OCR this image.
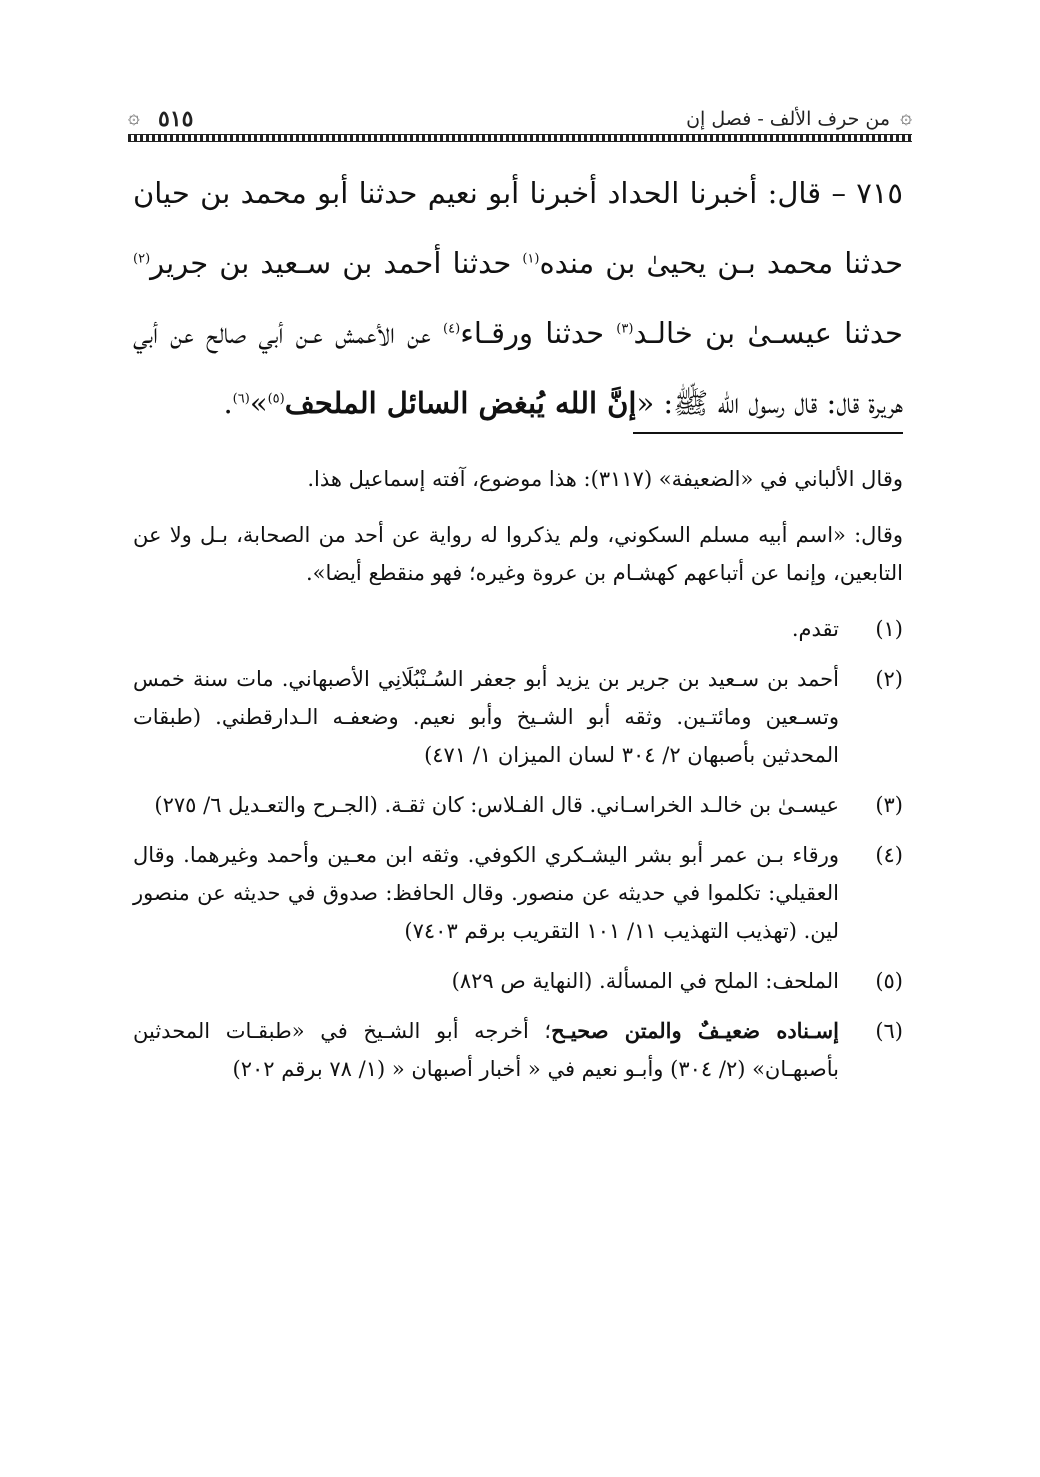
۞
من حرف الألف - فصل إن
٥١٥
۞

٧١٥ – قال: أخبرنا الحداد أخبرنا أبو نعيم حدثنا أبو محمد بن حيان حدثنا محمد بـن يحيىٰ بن منده$^{(١)}$ حدثنا أحمد بن سـعيد بن جرير$^{(٢)}$ حدثنا عيسـىٰ بن خالـد$^{(٣)}$ حدثنا ورقـاء$^{(٤)}$ عن الأعمش عـن أبي صالح عن أبي هريرة قال: قال رسول الله ﷺ: «إنَّ الله يُبغض السائل الملحف$^{(٥)}$»$^{(٦)}$.

وقال الألباني في «الضعيفة» (٣١١٧): هذا موضوع، آفته إسماعيل هذا.

وقال: «اسم أبيه مسلم السكوني، ولم يذكروا له رواية عن أحد من الصحابة، بـل ولا عن التابعين، وإنما عن أتباعهم كهشـام بن عروة وغيره؛ فهو منقطع أيضا».

(١)
تقدم.
(٢)
أحمد بن سـعيد بن جرير بن يزيد أبو جعفر السُـنْبُلَانِي الأصبهاني. مات سنة خمس وتسـعين ومائتـين. وثقه أبو الشـيخ وأبو نعيم. وضعفـه الـدارقطني. (طبقات المحدثين بأصبهان ٢/ ٣٠٤ لسان الميزان ١/ ٤٧١)
(٣)
عيسـىٰ بن خالـد الخراسـاني. قال الفـلاس: كان ثقـة. (الجـرح والتعـديل ٦/ ٢٧٥)
(٤)
ورقاء بـن عمر أبو بشر اليشـكري الكوفي. وثقه ابن معـين وأحمد وغيرهما. وقال العقيلي: تكلموا في حديثه عن منصور. وقال الحافظ: صدوق في حديثه عن منصور لين. (تهذيب التهذيب ١١/ ١٠١ التقريب برقم ٧٤٠٣)
(٥)
الملحف: الملح في المسألة. (النهاية ص ٨٢٩)
(٦)
إسـناده ضعيـفٌ والمتن صحيـح؛ أخرجه أبو الشـيخ في «طبقـات المحدثين بأصبهـان» (٢/ ٣٠٤) وأبـو نعيم في « أخبار أصبهان « (١/ ٧٨ برقم ٢٠٢)
